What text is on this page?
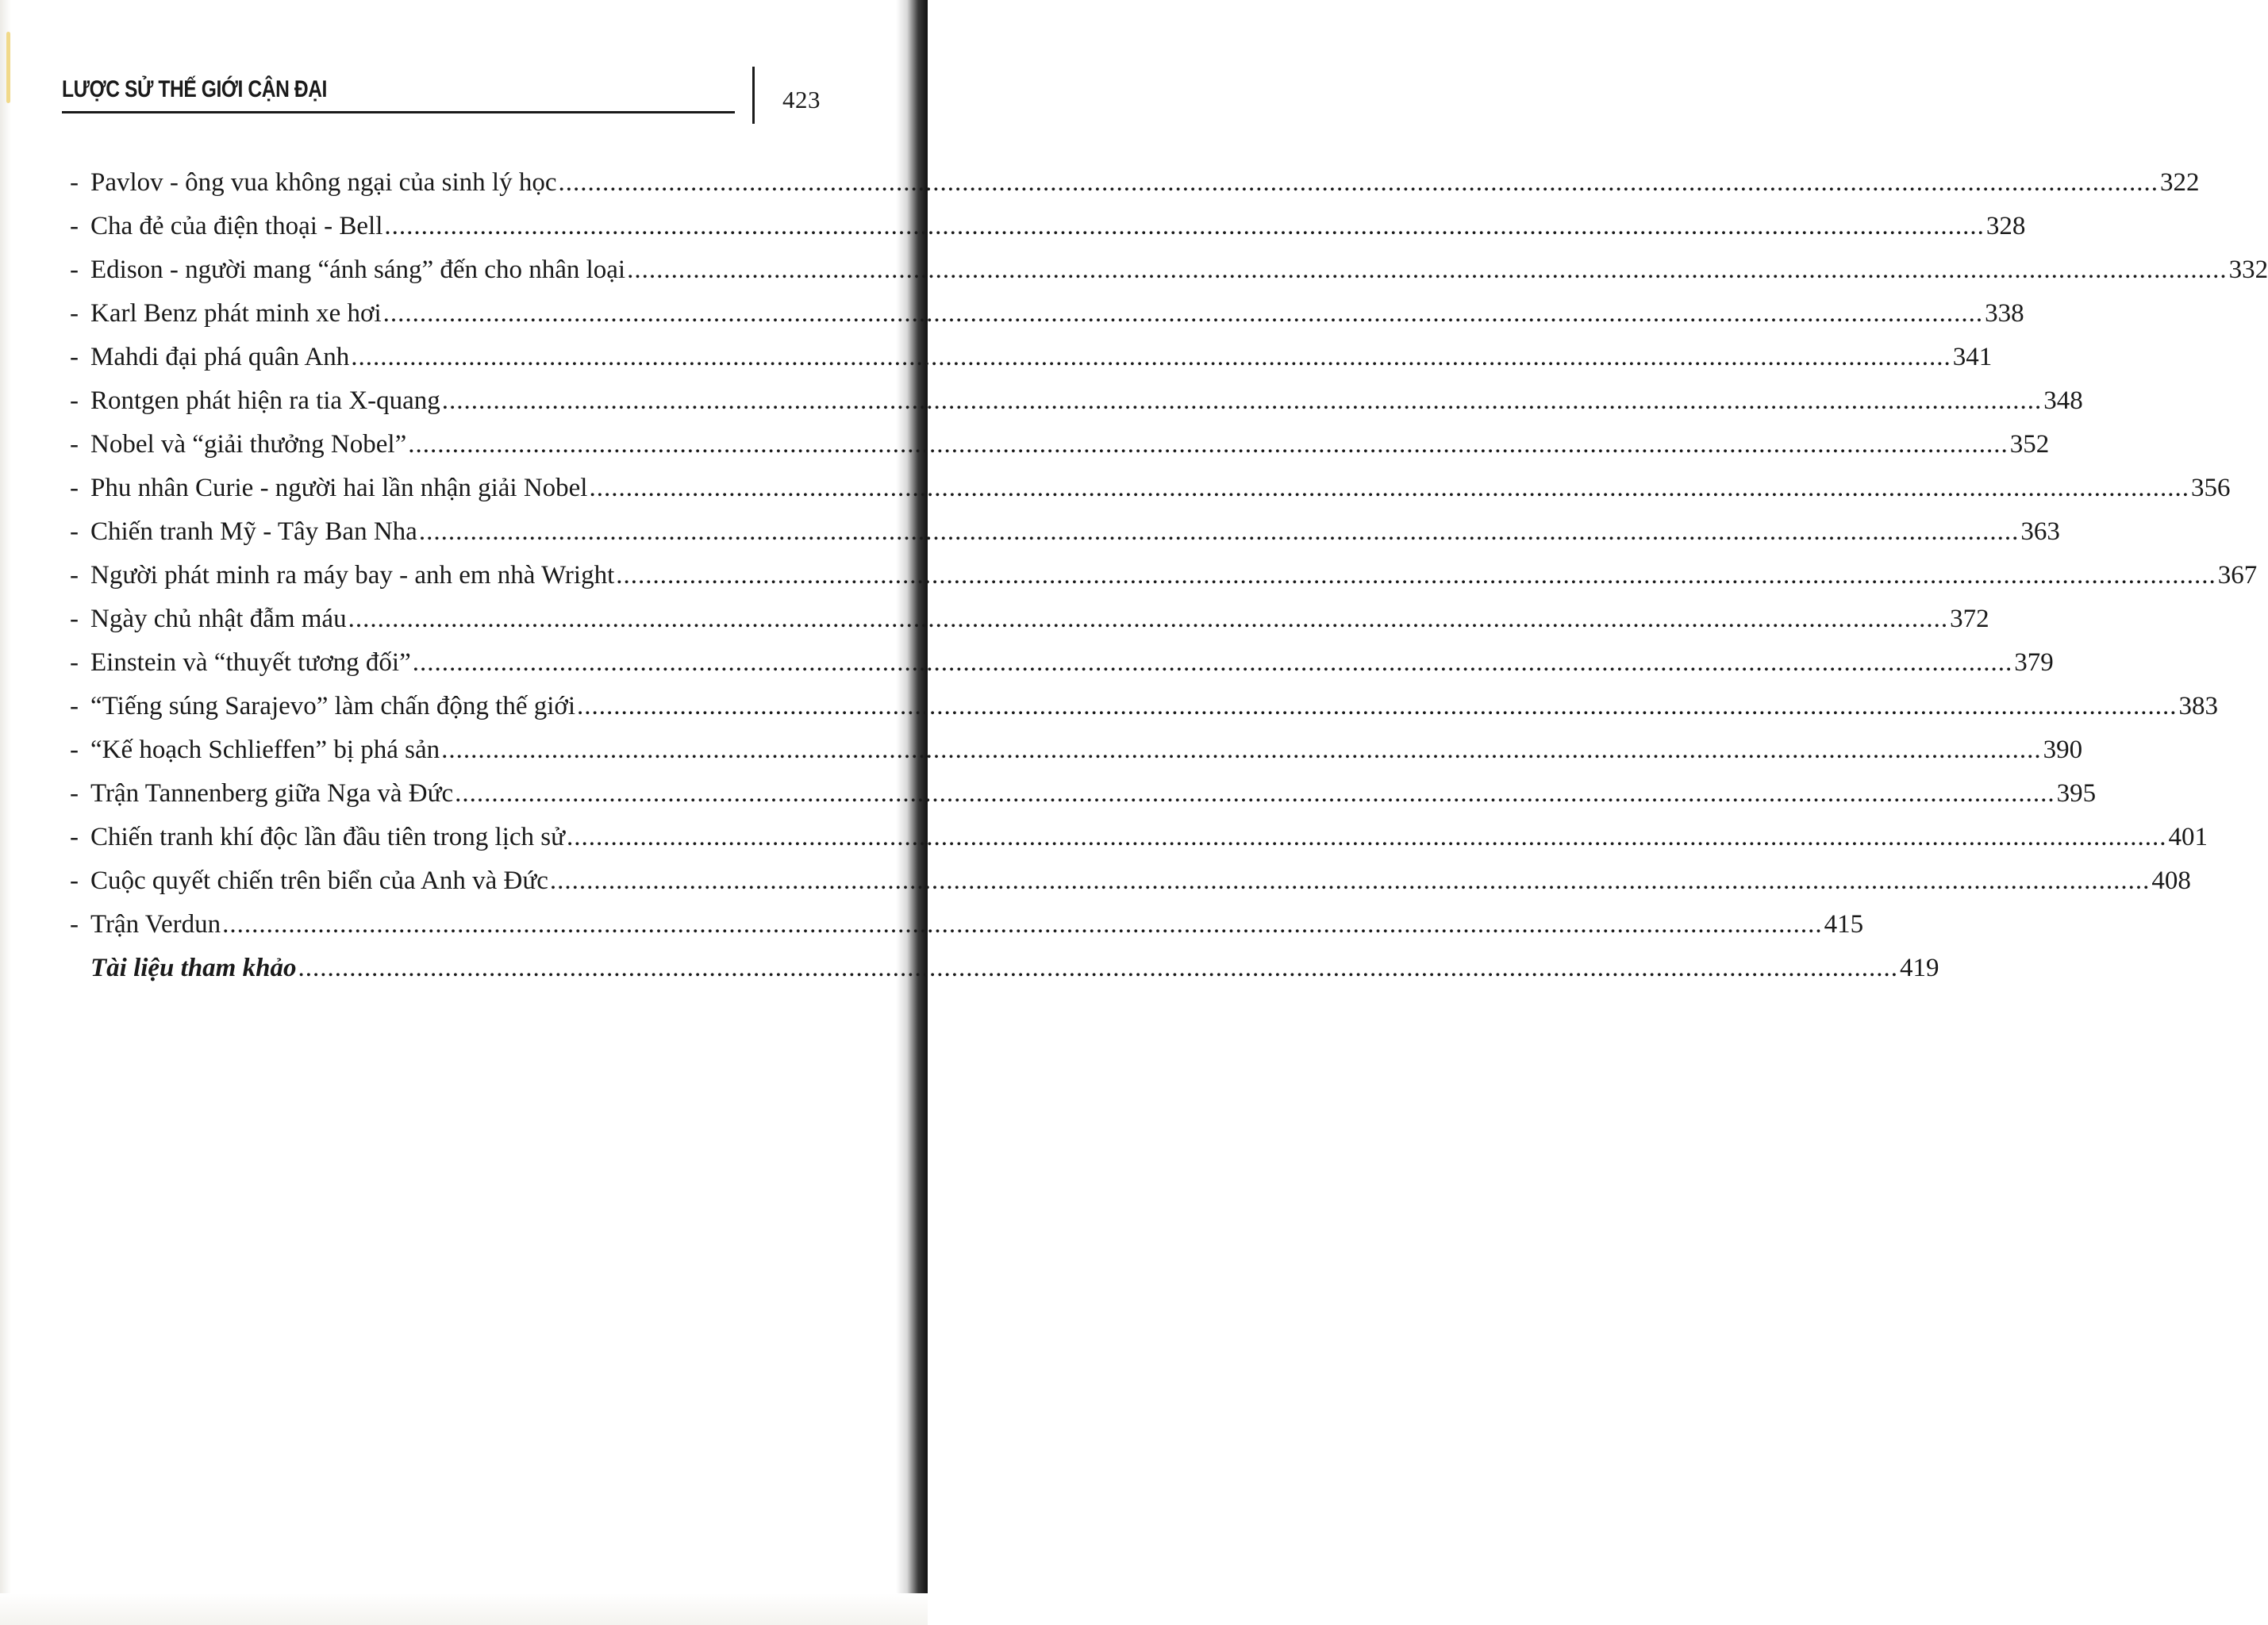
LƯỢC SỬ THẾ GIỚI CẬN ĐẠI	423
- Pavlov - ông vua không ngại của sinh lý học .....	322
- Cha đẻ của điện thoại - Bell .....	328
- Edison - người mang “ánh sáng” đến cho nhân loại .....	332
- Karl Benz phát minh xe hơi .....	338
- Mahdi đại phá quân Anh .....	341
- Rontgen phát hiện ra tia X-quang .....	348
- Nobel và “giải thưởng Nobel” .....	352
- Phu nhân Curie - người hai lần nhận giải Nobel .....	356
- Chiến tranh Mỹ - Tây Ban Nha .....	363
- Người phát minh ra máy bay - anh em nhà Wright .....	367
- Ngày chủ nhật đẫm máu .....	372
- Einstein và “thuyết tương đối” .....	379
- “Tiếng súng Sarajevo” làm chấn động thế giới .....	383
- “Kế hoạch Schlieffen” bị phá sản .....	390
- Trận Tannenberg giữa Nga và Đức .....	395
- Chiến tranh khí độc lần đầu tiên trong lịch sử .....	401
- Cuộc quyết chiến trên biển của Anh và Đức .....	408
- Trận Verdun .....	415
Tài liệu tham khảo .....	419
